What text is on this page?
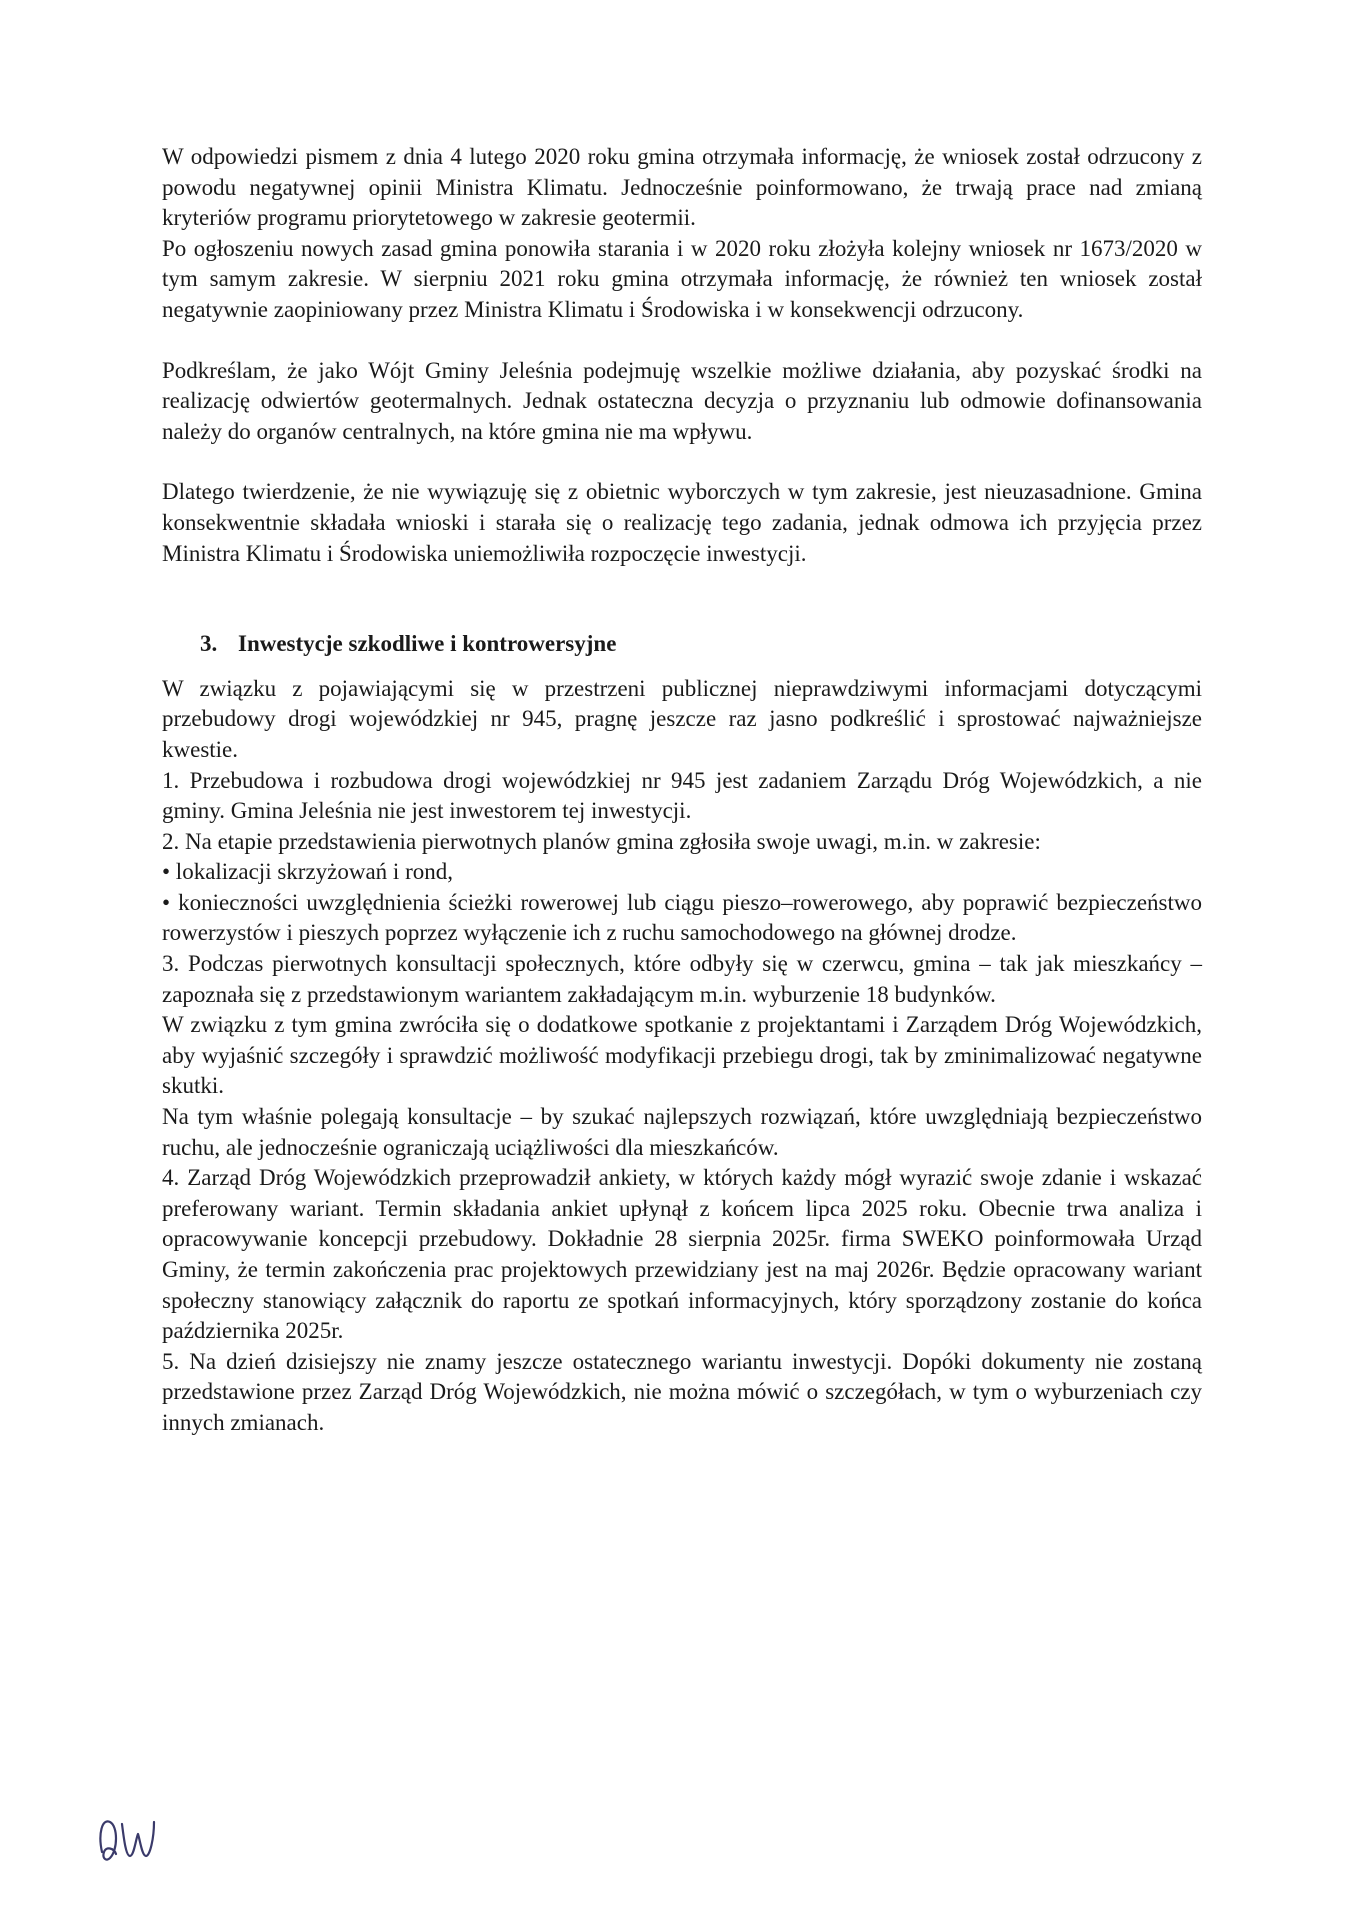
W odpowiedzi pismem z dnia 4 lutego 2020 roku gmina otrzymała informację, że wniosek został odrzucony z powodu negatywnej opinii Ministra Klimatu. Jednocześnie poinformowano, że trwają prace nad zmianą kryteriów programu priorytetowego w zakresie geotermii.

Po ogłoszeniu nowych zasad gmina ponowiła starania i w 2020 roku złożyła kolejny wniosek nr 1673/2020 w tym samym zakresie. W sierpniu 2021 roku gmina otrzymała informację, że również ten wniosek został negatywnie zaopiniowany przez Ministra Klimatu i Środowiska i w konsekwencji odrzucony.

Podkreślam, że jako Wójt Gminy Jeleśnia podejmuję wszelkie możliwe działania, aby pozyskać środki na realizację odwiertów geotermalnych. Jednak ostateczna decyzja o przyznaniu lub odmowie dofinansowania należy do organów centralnych, na które gmina nie ma wpływu.

Dlatego twierdzenie, że nie wywiązuję się z obietnic wyborczych w tym zakresie, jest nieuzasadnione. Gmina konsekwentnie składała wnioski i starała się o realizację tego zadania, jednak odmowa ich przyjęcia przez Ministra Klimatu i Środowiska uniemożliwiła rozpoczęcie inwestycji.

3. Inwestycje szkodliwe i kontrowersyjne

W związku z pojawiającymi się w przestrzeni publicznej nieprawdziwymi informacjami dotyczącymi przebudowy drogi wojewódzkiej nr 945, pragnę jeszcze raz jasno podkreślić i sprostować najważniejsze kwestie.

1. Przebudowa i rozbudowa drogi wojewódzkiej nr 945 jest zadaniem Zarządu Dróg Wojewódzkich, a nie gminy. Gmina Jeleśnia nie jest inwestorem tej inwestycji.

2. Na etapie przedstawienia pierwotnych planów gmina zgłosiła swoje uwagi, m.in. w zakresie:

• lokalizacji skrzyżowań i rond,

• konieczności uwzględnienia ścieżki rowerowej lub ciągu pieszo–rowerowego, aby poprawić bezpieczeństwo rowerzystów i pieszych poprzez wyłączenie ich z ruchu samochodowego na głównej drodze.

3. Podczas pierwotnych konsultacji społecznych, które odbyły się w czerwcu, gmina – tak jak mieszkańcy – zapoznała się z przedstawionym wariantem zakładającym m.in. wyburzenie 18 budynków.

W związku z tym gmina zwróciła się o dodatkowe spotkanie z projektantami i Zarządem Dróg Wojewódzkich, aby wyjaśnić szczegóły i sprawdzić możliwość modyfikacji przebiegu drogi, tak by zminimalizować negatywne skutki.

Na tym właśnie polegają konsultacje – by szukać najlepszych rozwiązań, które uwzględniają bezpieczeństwo ruchu, ale jednocześnie ograniczają uciążliwości dla mieszkańców.

4. Zarząd Dróg Wojewódzkich przeprowadził ankiety, w których każdy mógł wyrazić swoje zdanie i wskazać preferowany wariant. Termin składania ankiet upłynął z końcem lipca 2025 roku. Obecnie trwa analiza i opracowywanie koncepcji przebudowy. Dokładnie 28 sierpnia 2025r. firma SWEKO poinformowała Urząd Gminy, że termin zakończenia prac projektowych przewidziany jest na maj 2026r. Będzie opracowany wariant społeczny stanowiący załącznik do raportu ze spotkań informacyjnych, który sporządzony zostanie do końca października 2025r.

5. Na dzień dzisiejszy nie znamy jeszcze ostatecznego wariantu inwestycji. Dopóki dokumenty nie zostaną przedstawione przez Zarząd Dróg Wojewódzkich, nie można mówić o szczegółach, w tym o wyburzeniach czy innych zmianach.
